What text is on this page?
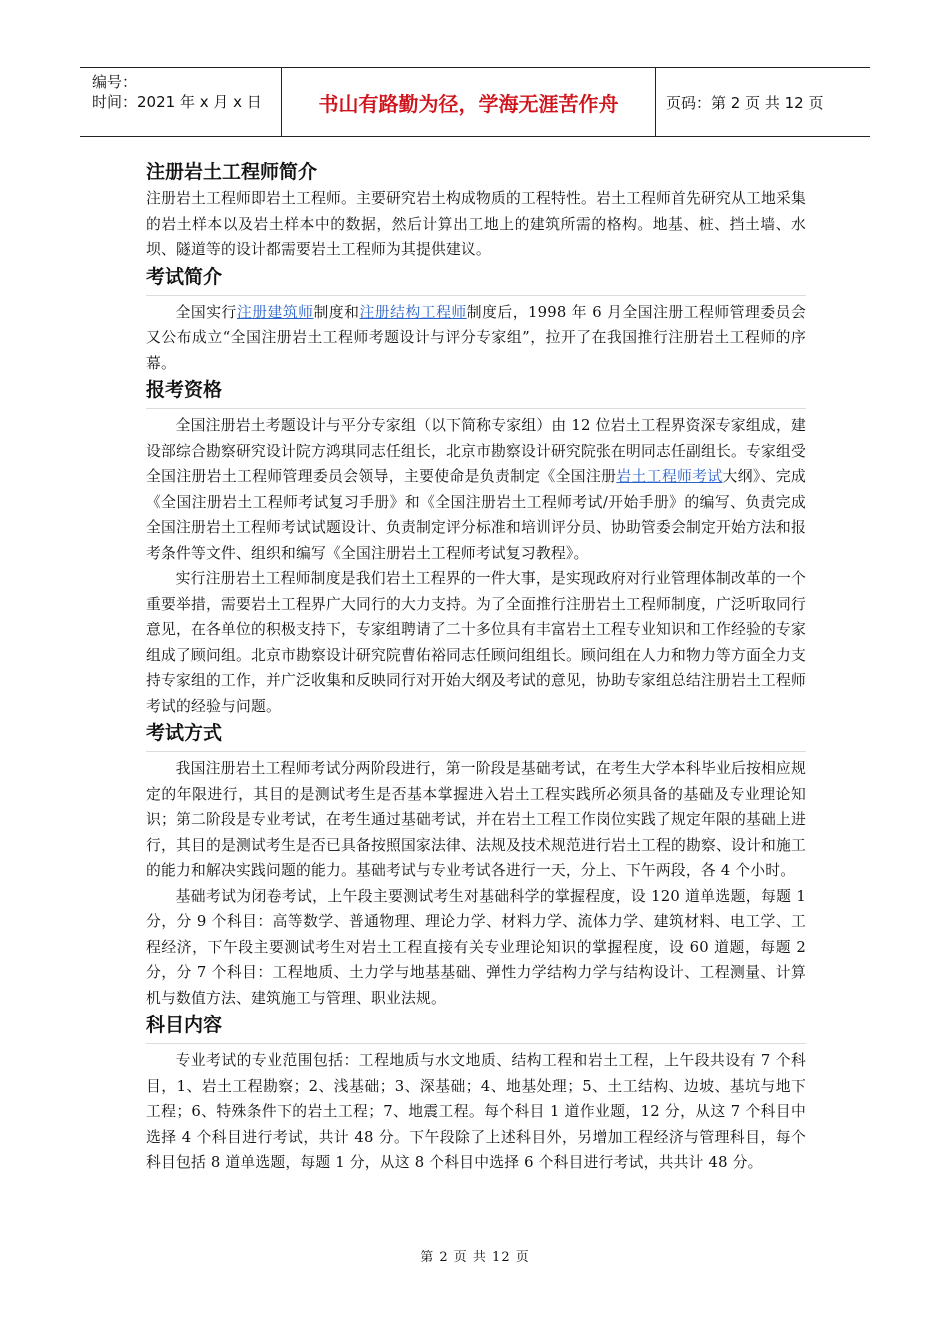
编号：
时间：2021 年 x 月 x 日	书山有路勤为径，学海无涯苦作舟	页码：第 2 页 共 12 页
注册岩土工程师简介

注册岩土工程师即岩土工程师。主要研究岩土构成物质的工程特性。岩土工程师首先研究从工地采集的岩土样本以及岩土样本中的数据，然后计算出工地上的建筑所需的格构。地基、桩、挡土墙、水坝、隧道等的设计都需要岩土工程师为其提供建议。

考试简介

全国实行注册建筑师制度和注册结构工程师制度后，1998 年 6 月全国注册工程师管理委员会又公布成立“全国注册岩土工程师考题设计与评分专家组”，拉开了在我国推行注册岩土工程师的序幕。

报考资格

全国注册岩土考题设计与平分专家组（以下简称专家组）由 12 位岩土工程界资深专家组成，建设部综合勘察研究设计院方鸿琪同志任组长，北京市勘察设计研究院张在明同志任副组长。专家组受全国注册岩土工程师管理委员会领导，主要使命是负责制定《全国注册岩土工程师考试大纲》、完成《全国注册岩土工程师考试复习手册》和《全国注册岩土工程师考试/开始手册》的编写、负责完成全国注册岩土工程师考试试题设计、负责制定评分标准和培训评分员、协助管委会制定开始方法和报考条件等文件、组织和编写《全国注册岩土工程师考试复习教程》。

实行注册岩土工程师制度是我们岩土工程界的一件大事，是实现政府对行业管理体制改革的一个重要举措，需要岩土工程界广大同行的大力支持。为了全面推行注册岩土工程师制度，广泛听取同行意见，在各单位的积极支持下，专家组聘请了二十多位具有丰富岩土工程专业知识和工作经验的专家组成了顾问组。北京市勘察设计研究院曹佑裕同志任顾问组组长。顾问组在人力和物力等方面全力支持专家组的工作，并广泛收集和反映同行对开始大纲及考试的意见，协助专家组总结注册岩土工程师考试的经验与问题。

考试方式

我国注册岩土工程师考试分两阶段进行，第一阶段是基础考试，在考生大学本科毕业后按相应规定的年限进行，其目的是测试考生是否基本掌握进入岩土工程实践所必须具备的基础及专业理论知识；第二阶段是专业考试，在考生通过基础考试，并在岩土工程工作岗位实践了规定年限的基础上进行，其目的是测试考生是否已具备按照国家法律、法规及技术规范进行岩土工程的勘察、设计和施工的能力和解决实践问题的能力。基础考试与专业考试各进行一天，分上、下午两段，各 4 个小时。

基础考试为闭卷考试，上午段主要测试考生对基础科学的掌握程度，设 120 道单选题，每题 1 分，分 9 个科目：高等数学、普通物理、理论力学、材料力学、流体力学、建筑材料、电工学、工程经济，下午段主要测试考生对岩土工程直接有关专业理论知识的掌握程度，设 60 道题，每题 2 分，分 7 个科目：工程地质、土力学与地基基础、弹性力学结构力学与结构设计、工程测量、计算机与数值方法、建筑施工与管理、职业法规。

科目内容

专业考试的专业范围包括：工程地质与水文地质、结构工程和岩土工程，上午段共设有 7 个科目，1、岩土工程勘察；2、浅基础；3、深基础；4、地基处理；5、土工结构、边坡、基坑与地下工程；6、特殊条件下的岩土工程；7、地震工程。每个科目 1 道作业题，12 分，从这 7 个科目中选择 4 个科目进行考试，共计 48 分。下午段除了上述科目外，另增加工程经济与管理科目，每个科目包括 8 道单选题，每题 1 分，从这 8 个科目中选择 6 个科目进行考试，共共计 48 分。

第 2 页 共 12 页
